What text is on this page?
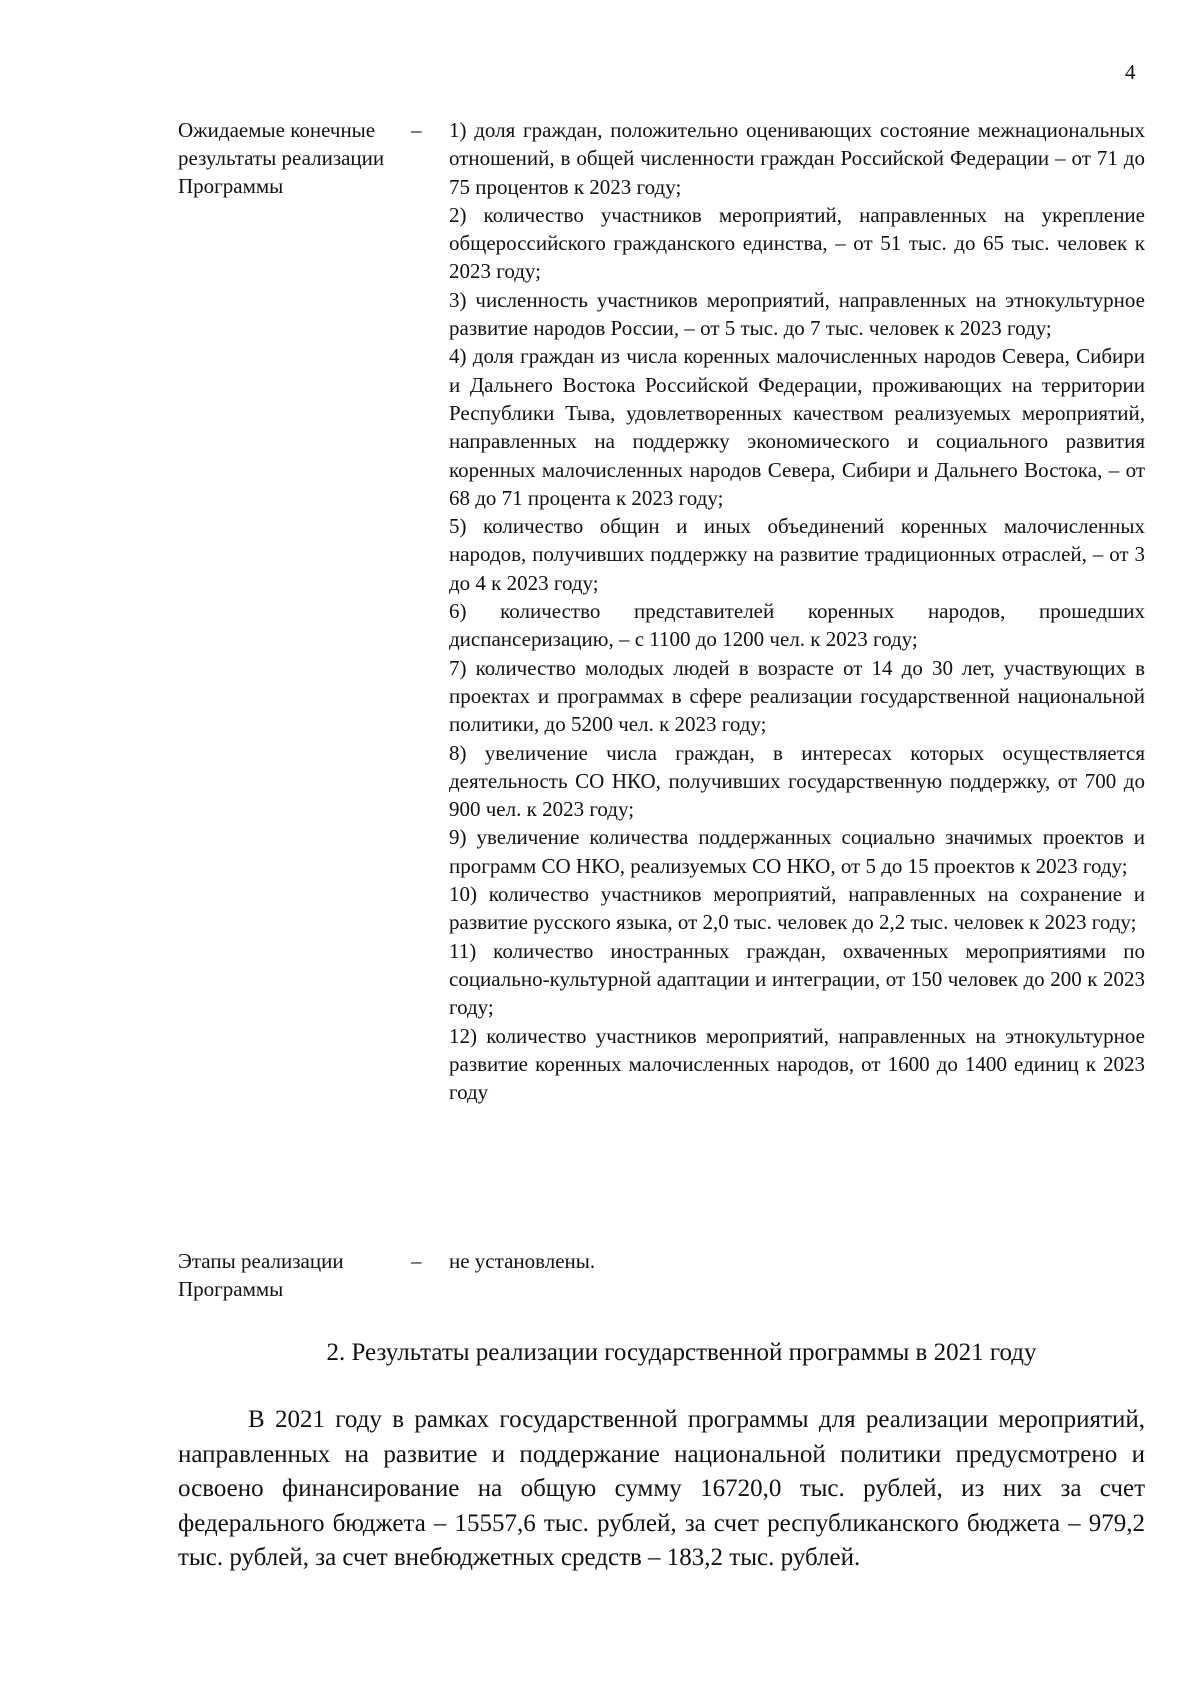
4
Ожидаемые конечные результаты реализации Программы
– 1) доля граждан, положительно оценивающих состояние межнациональных отношений, в общей численности граждан Российской Федерации – от 71 до 75 процентов к 2023 году;

2) количество участников мероприятий, направленных на укрепление общероссийского гражданского единства, – от 51 тыс. до 65 тыс. человек к 2023 году;

3) численность участников мероприятий, направленных на этнокультурное развитие народов России, – от 5 тыс. до 7 тыс. человек к 2023 году;

4) доля граждан из числа коренных малочисленных народов Севера, Сибири и Дальнего Востока Российской Федерации, проживающих на территории Республики Тыва, удовлетворенных качеством реализуемых мероприятий, направленных на поддержку экономического и социального развития коренных малочисленных народов Севера, Сибири и Дальнего Востока, – от 68 до 71 процента к 2023 году;

5) количество общин и иных объединений коренных малочисленных народов, получивших поддержку на развитие традиционных отраслей, – от 3 до 4 к 2023 году;

6) количество представителей коренных народов, прошедших диспансеризацию, – с 1100 до 1200 чел. к 2023 году;

7) количество молодых людей в возрасте от 14 до 30 лет, участвующих в проектах и программах в сфере реализации государственной национальной политики, до 5200 чел. к 2023 году;

8) увеличение числа граждан, в интересах которых осуществляется деятельность СО НКО, получивших государственную поддержку, от 700 до 900 чел. к 2023 году;

9) увеличение количества поддержанных социально значимых проектов и программ СО НКО, реализуемых СО НКО, от 5 до 15 проектов к 2023 году;

10) количество участников мероприятий, направленных на сохранение и развитие русского языка, от 2,0 тыс. человек до 2,2 тыс. человек к 2023 году;

11) количество иностранных граждан, охваченных мероприятиями по социально-культурной адаптации и интеграции, от 150 человек до 200 к 2023 году;

12) количество участников мероприятий, направленных на этнокультурное развитие коренных малочисленных народов, от 1600 до 1400 единиц к 2023 году

Этапы реализации Программы
– не установлены.
2. Результаты реализации государственной программы в 2021 году

В 2021 году в рамках государственной программы для реализации мероприятий, направленных на развитие и поддержание национальной политики предусмотрено и освоено финансирование на общую сумму 16720,0 тыс. рублей, из них за счет федерального бюджета – 15557,6 тыс. рублей, за счет республиканского бюджета – 979,2 тыс. рублей, за счет внебюджетных средств – 183,2 тыс. рублей.
